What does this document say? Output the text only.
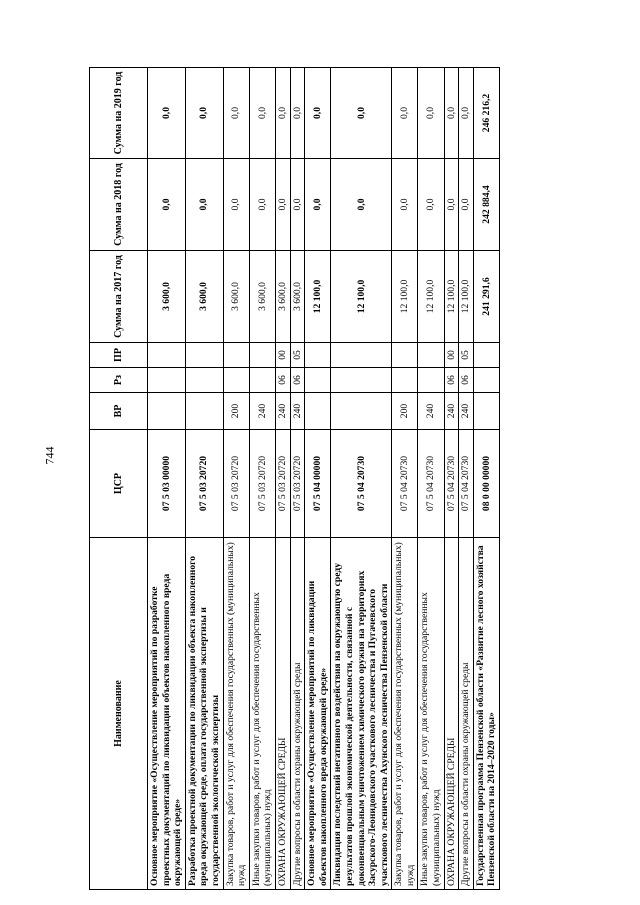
744
Наименование	ЦСР	ВР	Рз	ПР	Сумма на 2017 год	Сумма на 2018 год	Сумма на 2019 год
Основное мероприятие «Осуществление мероприятий по разработке проектных документаций по ликвидации объектов накопленного вреда окружающей среде»	07 5 03 00000				3 600,0	0,0	0,0
Разработка проектной документации по ликвидации объекта накопленного вреда окружающей среде, оплата государственной экспертизы и государственной экологической экспертизы	07 5 03 20720				3 600,0	0,0	0,0
Закупка товаров, работ и услуг для обеспечения государственных (муниципальных) нужд	07 5 03 20720	200			3 600,0	0,0	0,0
Иные закупки товаров, работ и услуг для обеспечения государственных (муниципальных) нужд	07 5 03 20720	240			3 600,0	0,0	0,0
ОХРАНА ОКРУЖАЮЩЕЙ СРЕДЫ	07 5 03 20720	240	06	00	3 600,0	0,0	0,0
Другие вопросы в области охраны окружающей среды	07 5 03 20720	240	06	05	3 600,0	0,0	0,0
Основное мероприятие «Осуществление мероприятий по ликвидации объектов накопленного вреда окружающей среде»	07 5 04 00000				12 100,0	0,0	0,0
Ликвидация последствий негативного воздействия на окружающую среду результатов прошлой экономической деятельности, связанной с доконвенциальным уничтожением химического оружия на территориях Засурского-Леонидовского участкового лесничества и Пугачевского участкового лесничества Ахунского лесничества Пензенской области	07 5 04 20730				12 100,0	0,0	0,0
Закупка товаров, работ и услуг для обеспечения государственных (муниципальных) нужд	07 5 04 20730	200			12 100,0	0,0	0,0
Иные закупки товаров, работ и услуг для обеспечения государственных (муниципальных) нужд	07 5 04 20730	240			12 100,0	0,0	0,0
ОХРАНА ОКРУЖАЮЩЕЙ СРЕДЫ	07 5 04 20730	240	06	00	12 100,0	0,0	0,0
Другие вопросы в области охраны окружающей среды	07 5 04 20730	240	06	05	12 100,0	0,0	0,0
Государственная программа Пензенской области «Развитие лесного хозяйства Пензенской области на 2014–2020 годы»	08 0 00 00000				241 291,6	242 884,4	246 216,2
